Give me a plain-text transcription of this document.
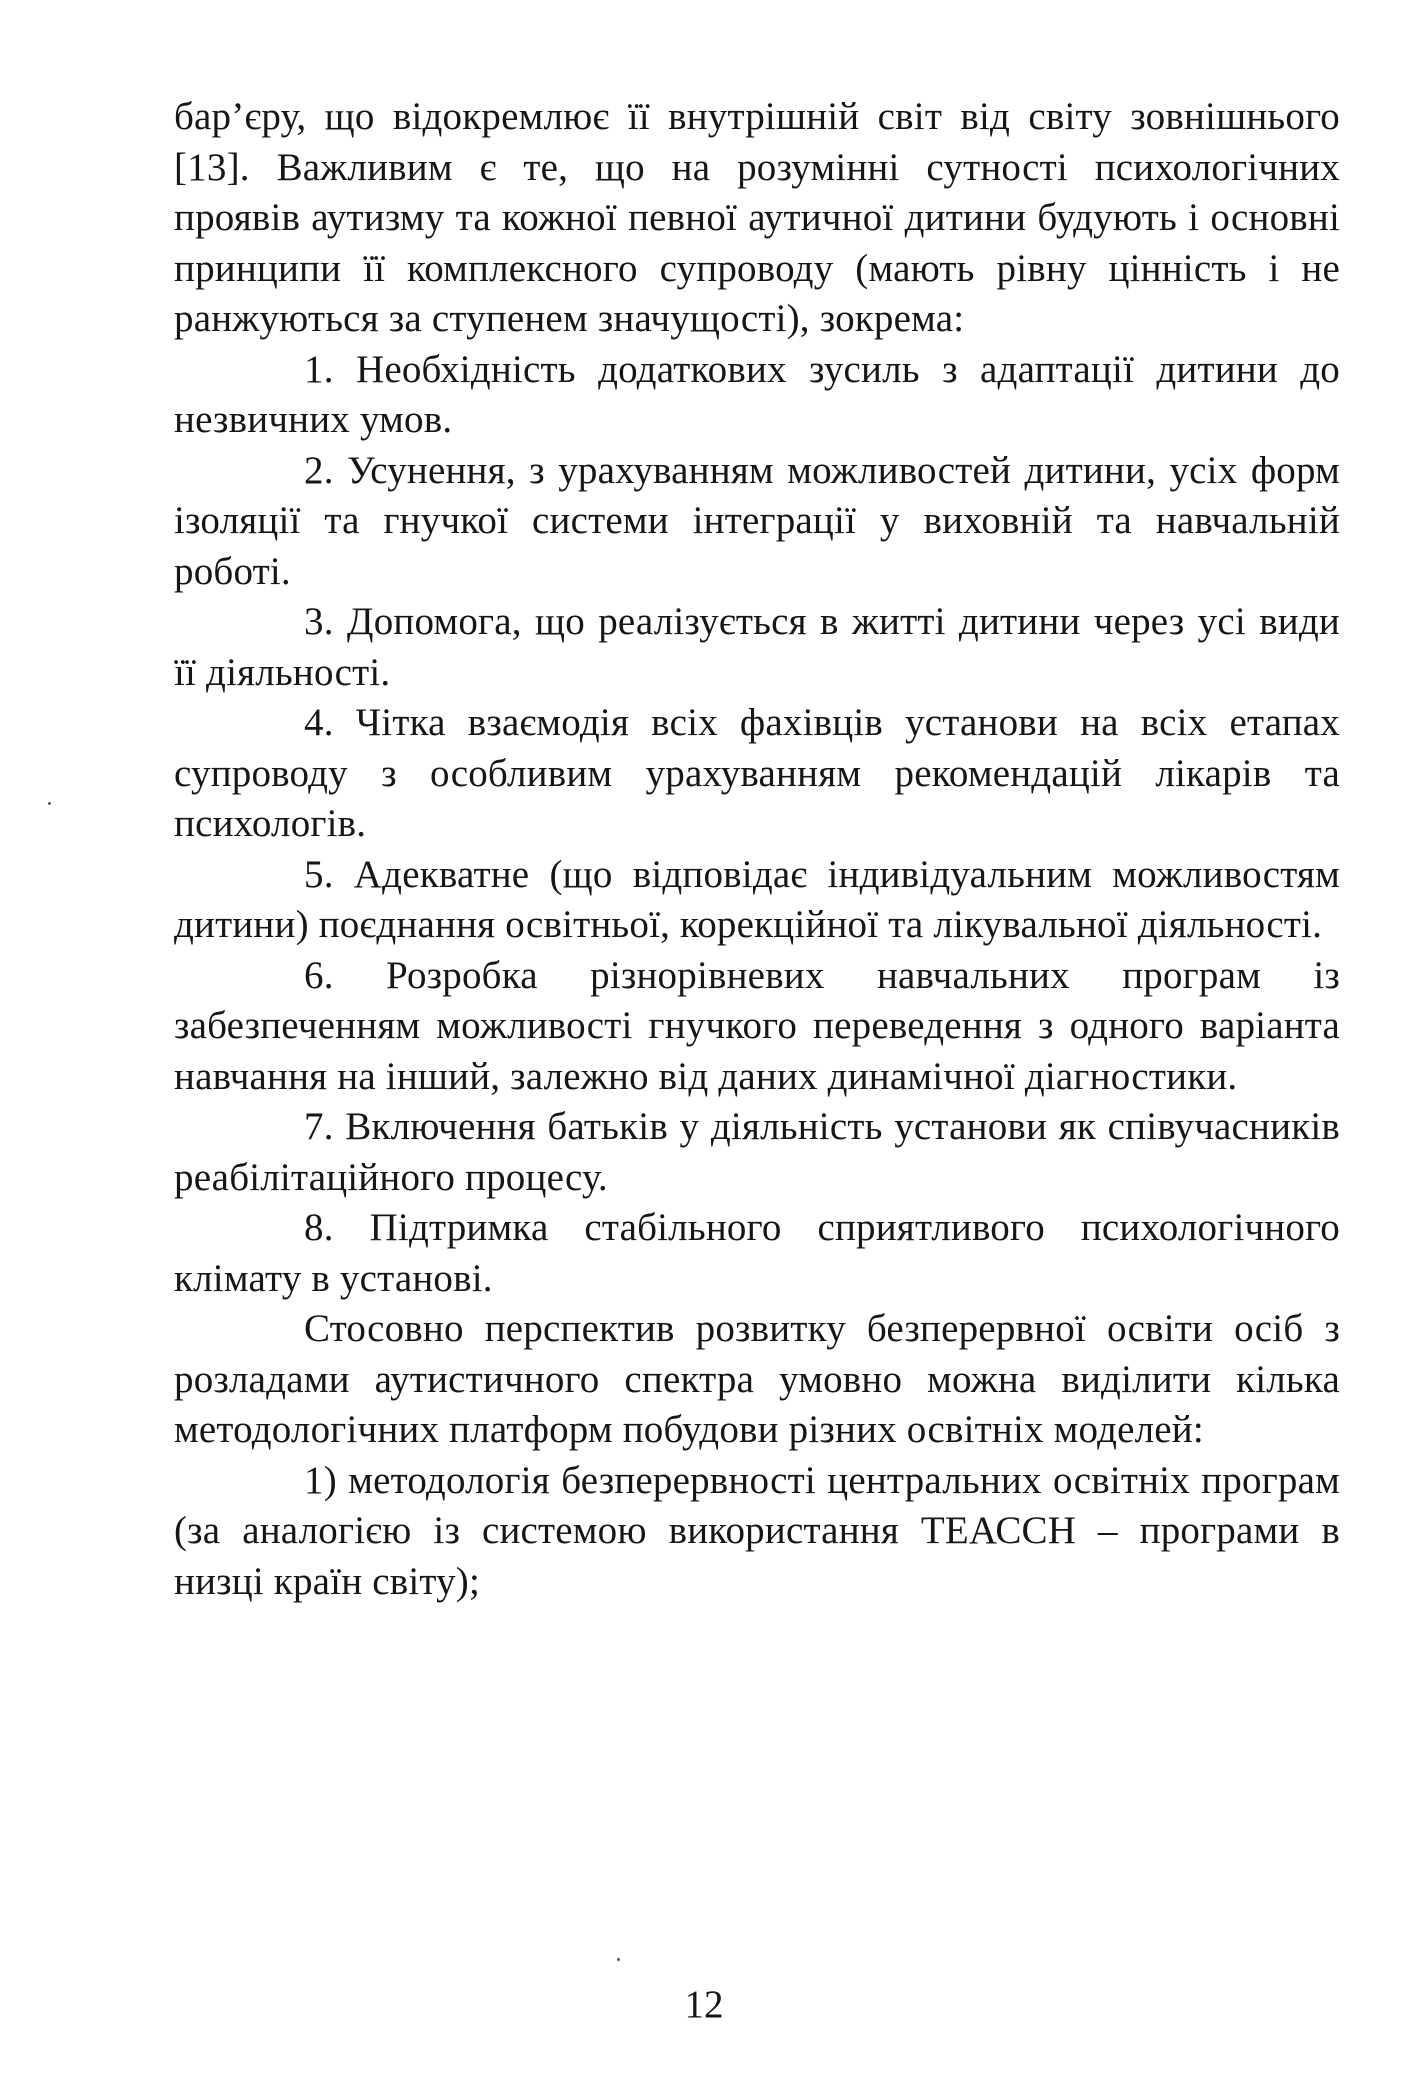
бар’єру, що відокремлює її внутрішній світ від світу зовнішнього [13]. Важливим є те, що на розумінні сутності психологічних проявів аутизму та кожної певної аутичної дитини будують і основні принципи її комплексного супроводу (мають рівну цінність і не ранжуються за ступенем значущості), зокрема:

1. Необхідність додаткових зусиль з адаптації дитини до незвичних умов.

2. Усунення, з урахуванням можливостей дитини, усіх форм ізоляції та гнучкої системи інтеграції у виховній та навчальній роботі.

3. Допомога, що реалізується в житті дитини через усі види її діяльності.

4. Чітка взаємодія всіх фахівців установи на всіх етапах супроводу з особливим урахуванням рекомендацій лікарів та психологів.

5. Адекватне (що відповідає індивідуальним можливостям дитини) поєднання освітньої, корекційної та лікувальної діяльності.

6. Розробка різнорівневих навчальних програм із забезпеченням можливості гнучкого переведення з одного варіанта навчання на інший, залежно від даних динамічної діагностики.

7. Включення батьків у діяльність установи як співучасників реабілітаційного процесу.

8. Підтримка стабільного сприятливого психологічного клімату в установі.

Стосовно перспектив розвитку безперервної освіти осіб з розладами аутистичного спектра умовно можна виділити кілька методологічних платформ побудови різних освітніх моделей:

1) методологія безперервності центральних освітніх програм (за аналогією із системою використання ТЕАССН – програми в низці країн світу);

12
